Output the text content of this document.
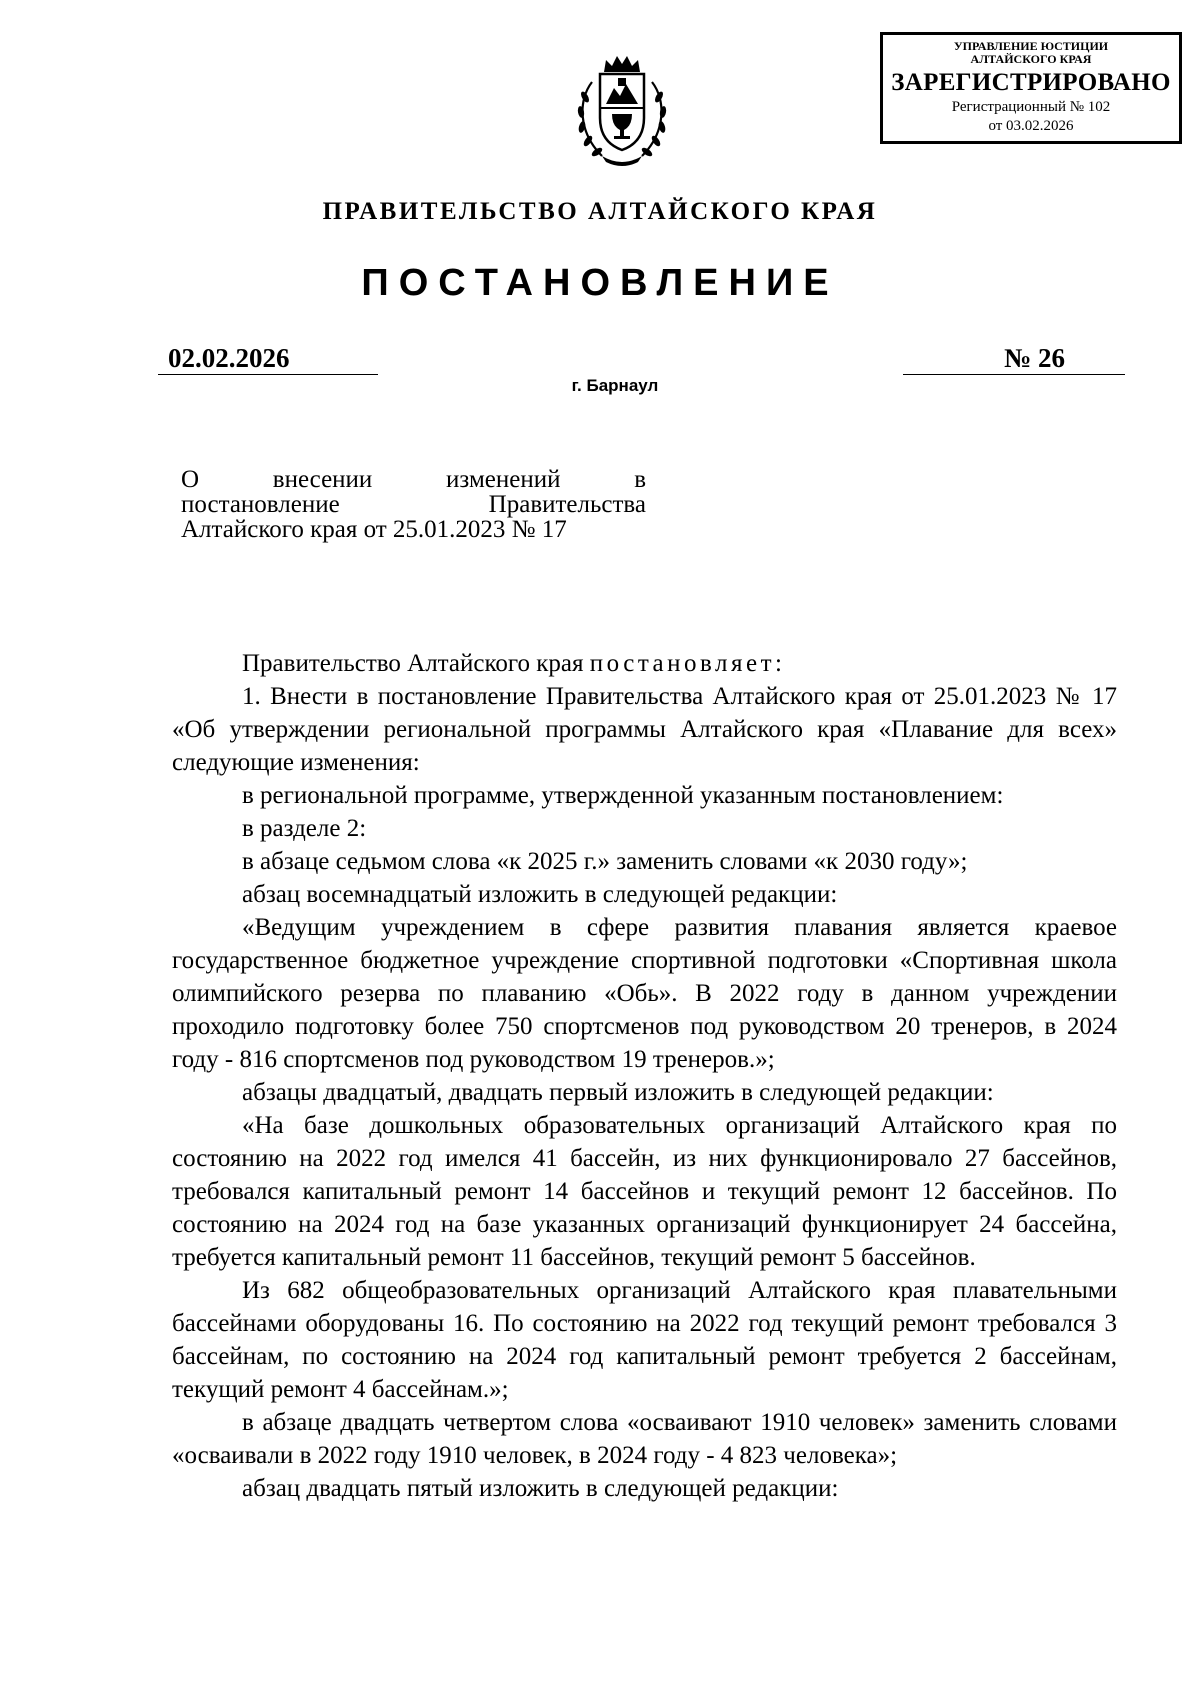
УПРАВЛЕНИЕ ЮСТИЦИИ
АЛТАЙСКОГО КРАЯ
ЗАРЕГИСТРИРОВАНО
Регистрационный № 102
от 03.02.2026
ПРАВИТЕЛЬСТВО АЛТАЙСКОГО КРАЯ
ПОСТАНОВЛЕНИЕ
02.02.2026	№ 26
г. Барнаул
О внесении изменений в
постановление Правительства
Алтайского края от 25.01.2023 № 17

Правительство Алтайского края постановляет:

1. Внести в постановление Правительства Алтайского края от 25.01.2023 № 17 «Об утверждении региональной программы Алтайского края «Плавание для всех» следующие изменения:

в региональной программе, утвержденной указанным постановлением:

в разделе 2:

в абзаце седьмом слова «к 2025 г.» заменить словами «к 2030 году»;

абзац восемнадцатый изложить в следующей редакции:

«Ведущим учреждением в сфере развития плавания является краевое государственное бюджетное учреждение спортивной подготовки «Спортивная школа олимпийского резерва по плаванию «Обь». В 2022 году в данном учреждении проходило подготовку более 750 спортсменов под руководством 20 тренеров, в 2024 году - 816 спортсменов под руководством 19 тренеров.»;

абзацы двадцатый, двадцать первый изложить в следующей редакции:

«На базе дошкольных образовательных организаций Алтайского края по состоянию на 2022 год имелся 41 бассейн, из них функционировало 27 бассейнов, требовался капитальный ремонт 14 бассейнов и текущий ремонт 12 бассейнов. По состоянию на 2024 год на базе указанных организаций функционирует 24 бассейна, требуется капитальный ремонт 11 бассейнов, текущий ремонт 5 бассейнов.

Из 682 общеобразовательных организаций Алтайского края плавательными бассейнами оборудованы 16. По состоянию на 2022 год текущий ремонт требовался 3 бассейнам, по состоянию на 2024 год капитальный ремонт требуется 2 бассейнам, текущий ремонт 4 бассейнам.»;

в абзаце двадцать четвертом слова «осваивают 1910 человек» заменить словами «осваивали в 2022 году 1910 человек, в 2024 году - 4 823 человека»;

абзац двадцать пятый изложить в следующей редакции:
